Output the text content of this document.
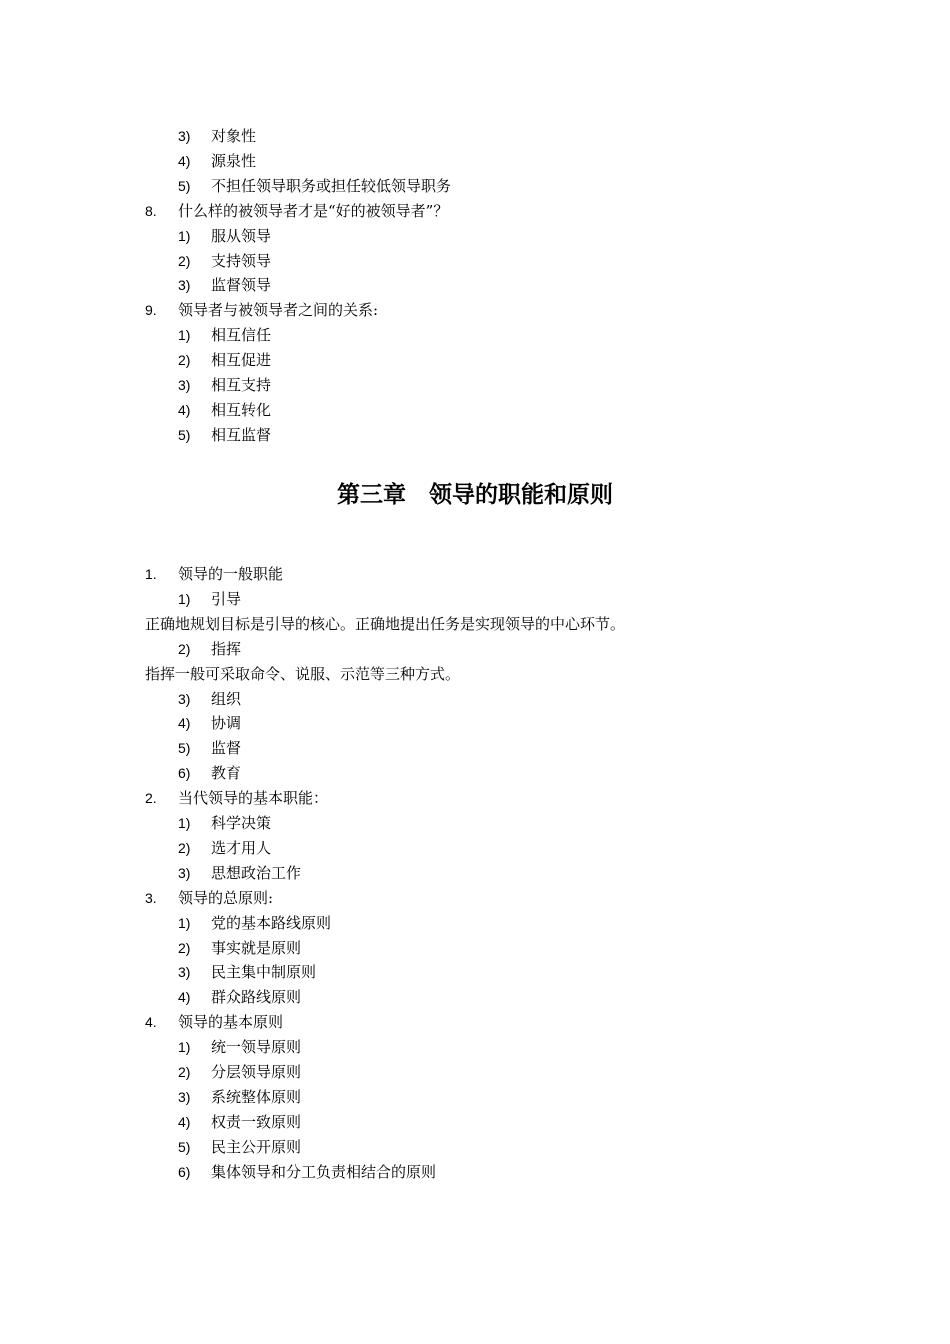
3) 对象性
4) 源泉性
5) 不担任领导职务或担任较低领导职务
8. 什么样的被领导者才是“好的被领导者”？
1) 服从领导
2) 支持领导
3) 监督领导
9. 领导者与被领导者之间的关系:
1) 相互信任
2) 相互促进
3) 相互支持
4) 相互转化
5) 相互监督
第三章　领导的职能和原则
1. 领导的一般职能
1) 引导
正确地规划目标是引导的核心。正确地提出任务是实现领导的中心环节。
2) 指挥
指挥一般可采取命令、说服、示范等三种方式。
3) 组织
4) 协调
5) 监督
6) 教育
2. 当代领导的基本职能：
1) 科学决策
2) 选才用人
3) 思想政治工作
3. 领导的总原则:
1) 党的基本路线原则
2) 事实就是原则
3) 民主集中制原则
4) 群众路线原则
4. 领导的基本原则
1) 统一领导原则
2) 分层领导原则
3) 系统整体原则
4) 权责一致原则
5) 民主公开原则
6) 集体领导和分工负责相结合的原则
